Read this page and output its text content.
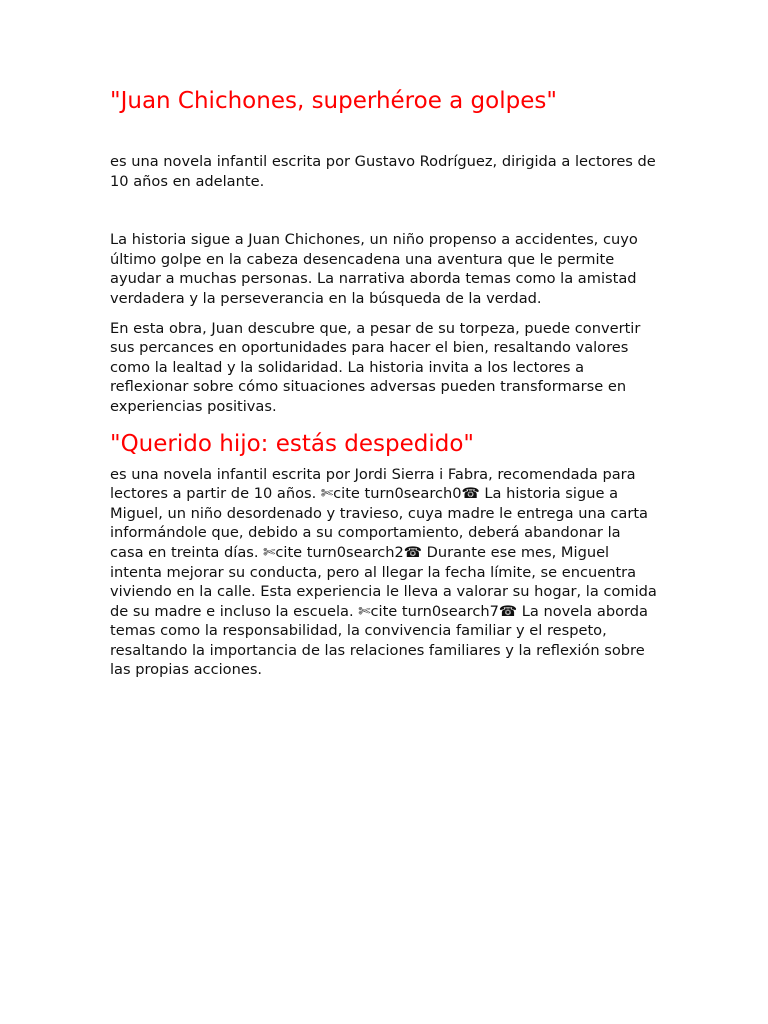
"Juan Chichones, superhéroe a golpes"

es una novela infantil escrita por Gustavo Rodríguez, dirigida a lectores de 10 años en adelante.

La historia sigue a Juan Chichones, un niño propenso a accidentes, cuyo último golpe en la cabeza desencadena una aventura que le permite ayudar a muchas personas. La narrativa aborda temas como la amistad verdadera y la perseverancia en la búsqueda de la verdad.

En esta obra, Juan descubre que, a pesar de su torpeza, puede convertir sus percances en oportunidades para hacer el bien, resaltando valores como la lealtad y la solidaridad. La historia invita a los lectores a reflexionar sobre cómo situaciones adversas pueden transformarse en experiencias positivas.

"Querido hijo: estás despedido"

es una novela infantil escrita por Jordi Sierra i Fabra, recomendada para lectores a partir de 10 años. ✄cite turn0search0☎ La historia sigue a Miguel, un niño desordenado y travieso, cuya madre le entrega una carta informándole que, debido a su comportamiento, deberá abandonar la casa en treinta días. ✄cite turn0search2☎ Durante ese mes, Miguel intenta mejorar su conducta, pero al llegar la fecha límite, se encuentra viviendo en la calle. Esta experiencia le lleva a valorar su hogar, la comida de su madre e incluso la escuela. ✄cite turn0search7☎ La novela aborda temas como la responsabilidad, la convivencia familiar y el respeto, resaltando la importancia de las relaciones familiares y la reflexión sobre las propias acciones.
